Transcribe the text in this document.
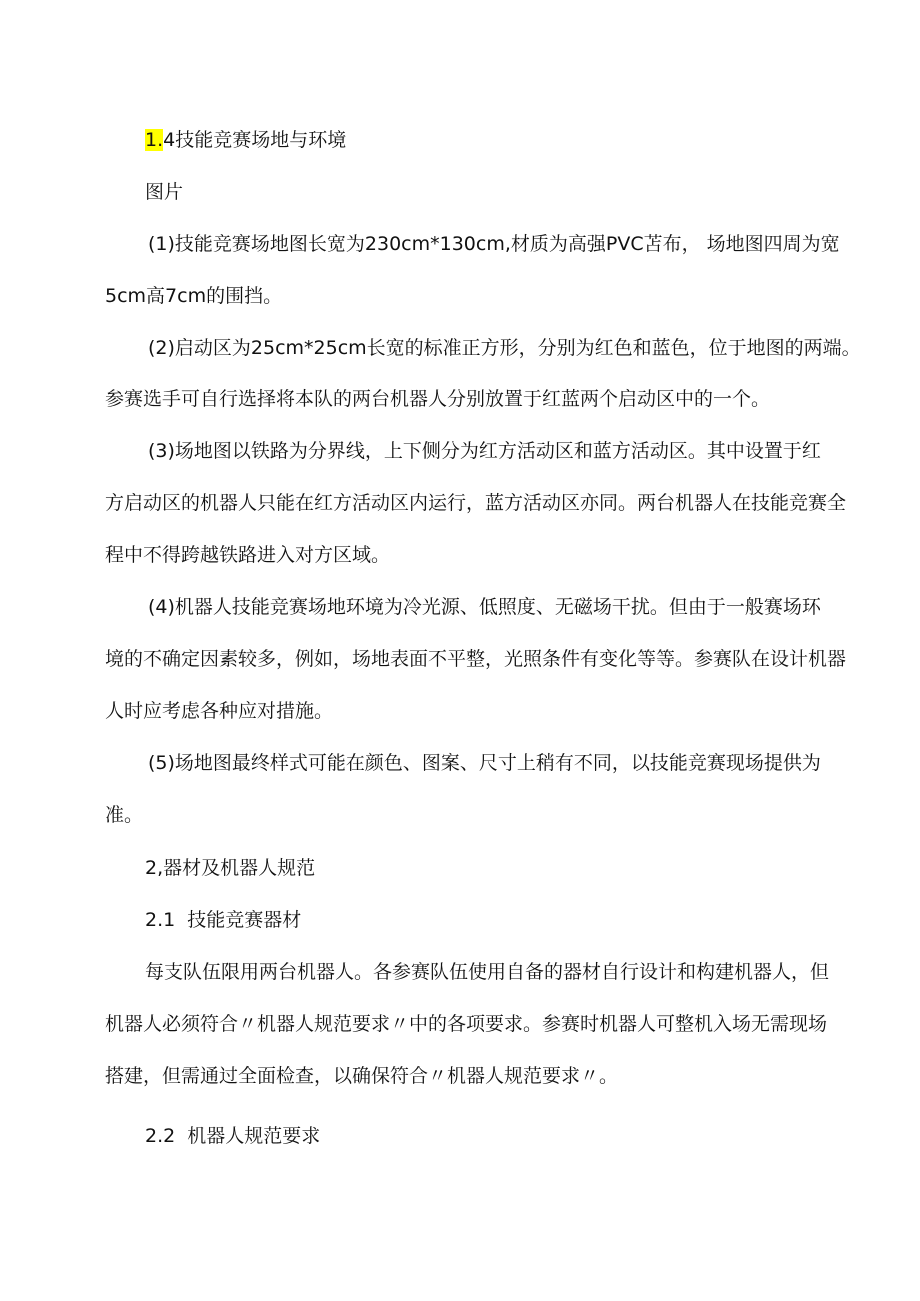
1.4技能竞赛场地与环境
图片
(1)技能竞赛场地图长宽为230cm*130cm,材质为高强PVC苫布， 场地图四周为宽
5cm高7cm的围挡。
(2)启动区为25cm*25cm长宽的标准正方形，分别为红色和蓝色，位于地图的两端。
参赛选手可自行选择将本队的两台机器人分别放置于红蓝两个启动区中的一个。
(3)场地图以铁路为分界线，上下侧分为红方活动区和蓝方活动区。其中设置于红
方启动区的机器人只能在红方活动区内运行，蓝方活动区亦同。两台机器人在技能竞赛全
程中不得跨越铁路进入对方区域。
(4)机器人技能竞赛场地环境为冷光源、低照度、无磁场干扰。但由于一般赛场环
境的不确定因素较多，例如，场地表面不平整，光照条件有变化等等。参赛队在设计机器
人时应考虑各种应对措施。
(5)场地图最终样式可能在颜色、图案、尺寸上稍有不同，以技能竞赛现场提供为
准。
2,器材及机器人规范
2.1  技能竞赛器材
每支队伍限用两台机器人。各参赛队伍使用自备的器材自行设计和构建机器人，但
机器人必须符合〃机器人规范要求〃中的各项要求。参赛时机器人可整机入场无需现场
搭建，但需通过全面检查，以确保符合〃机器人规范要求〃。
2.2  机器人规范要求
